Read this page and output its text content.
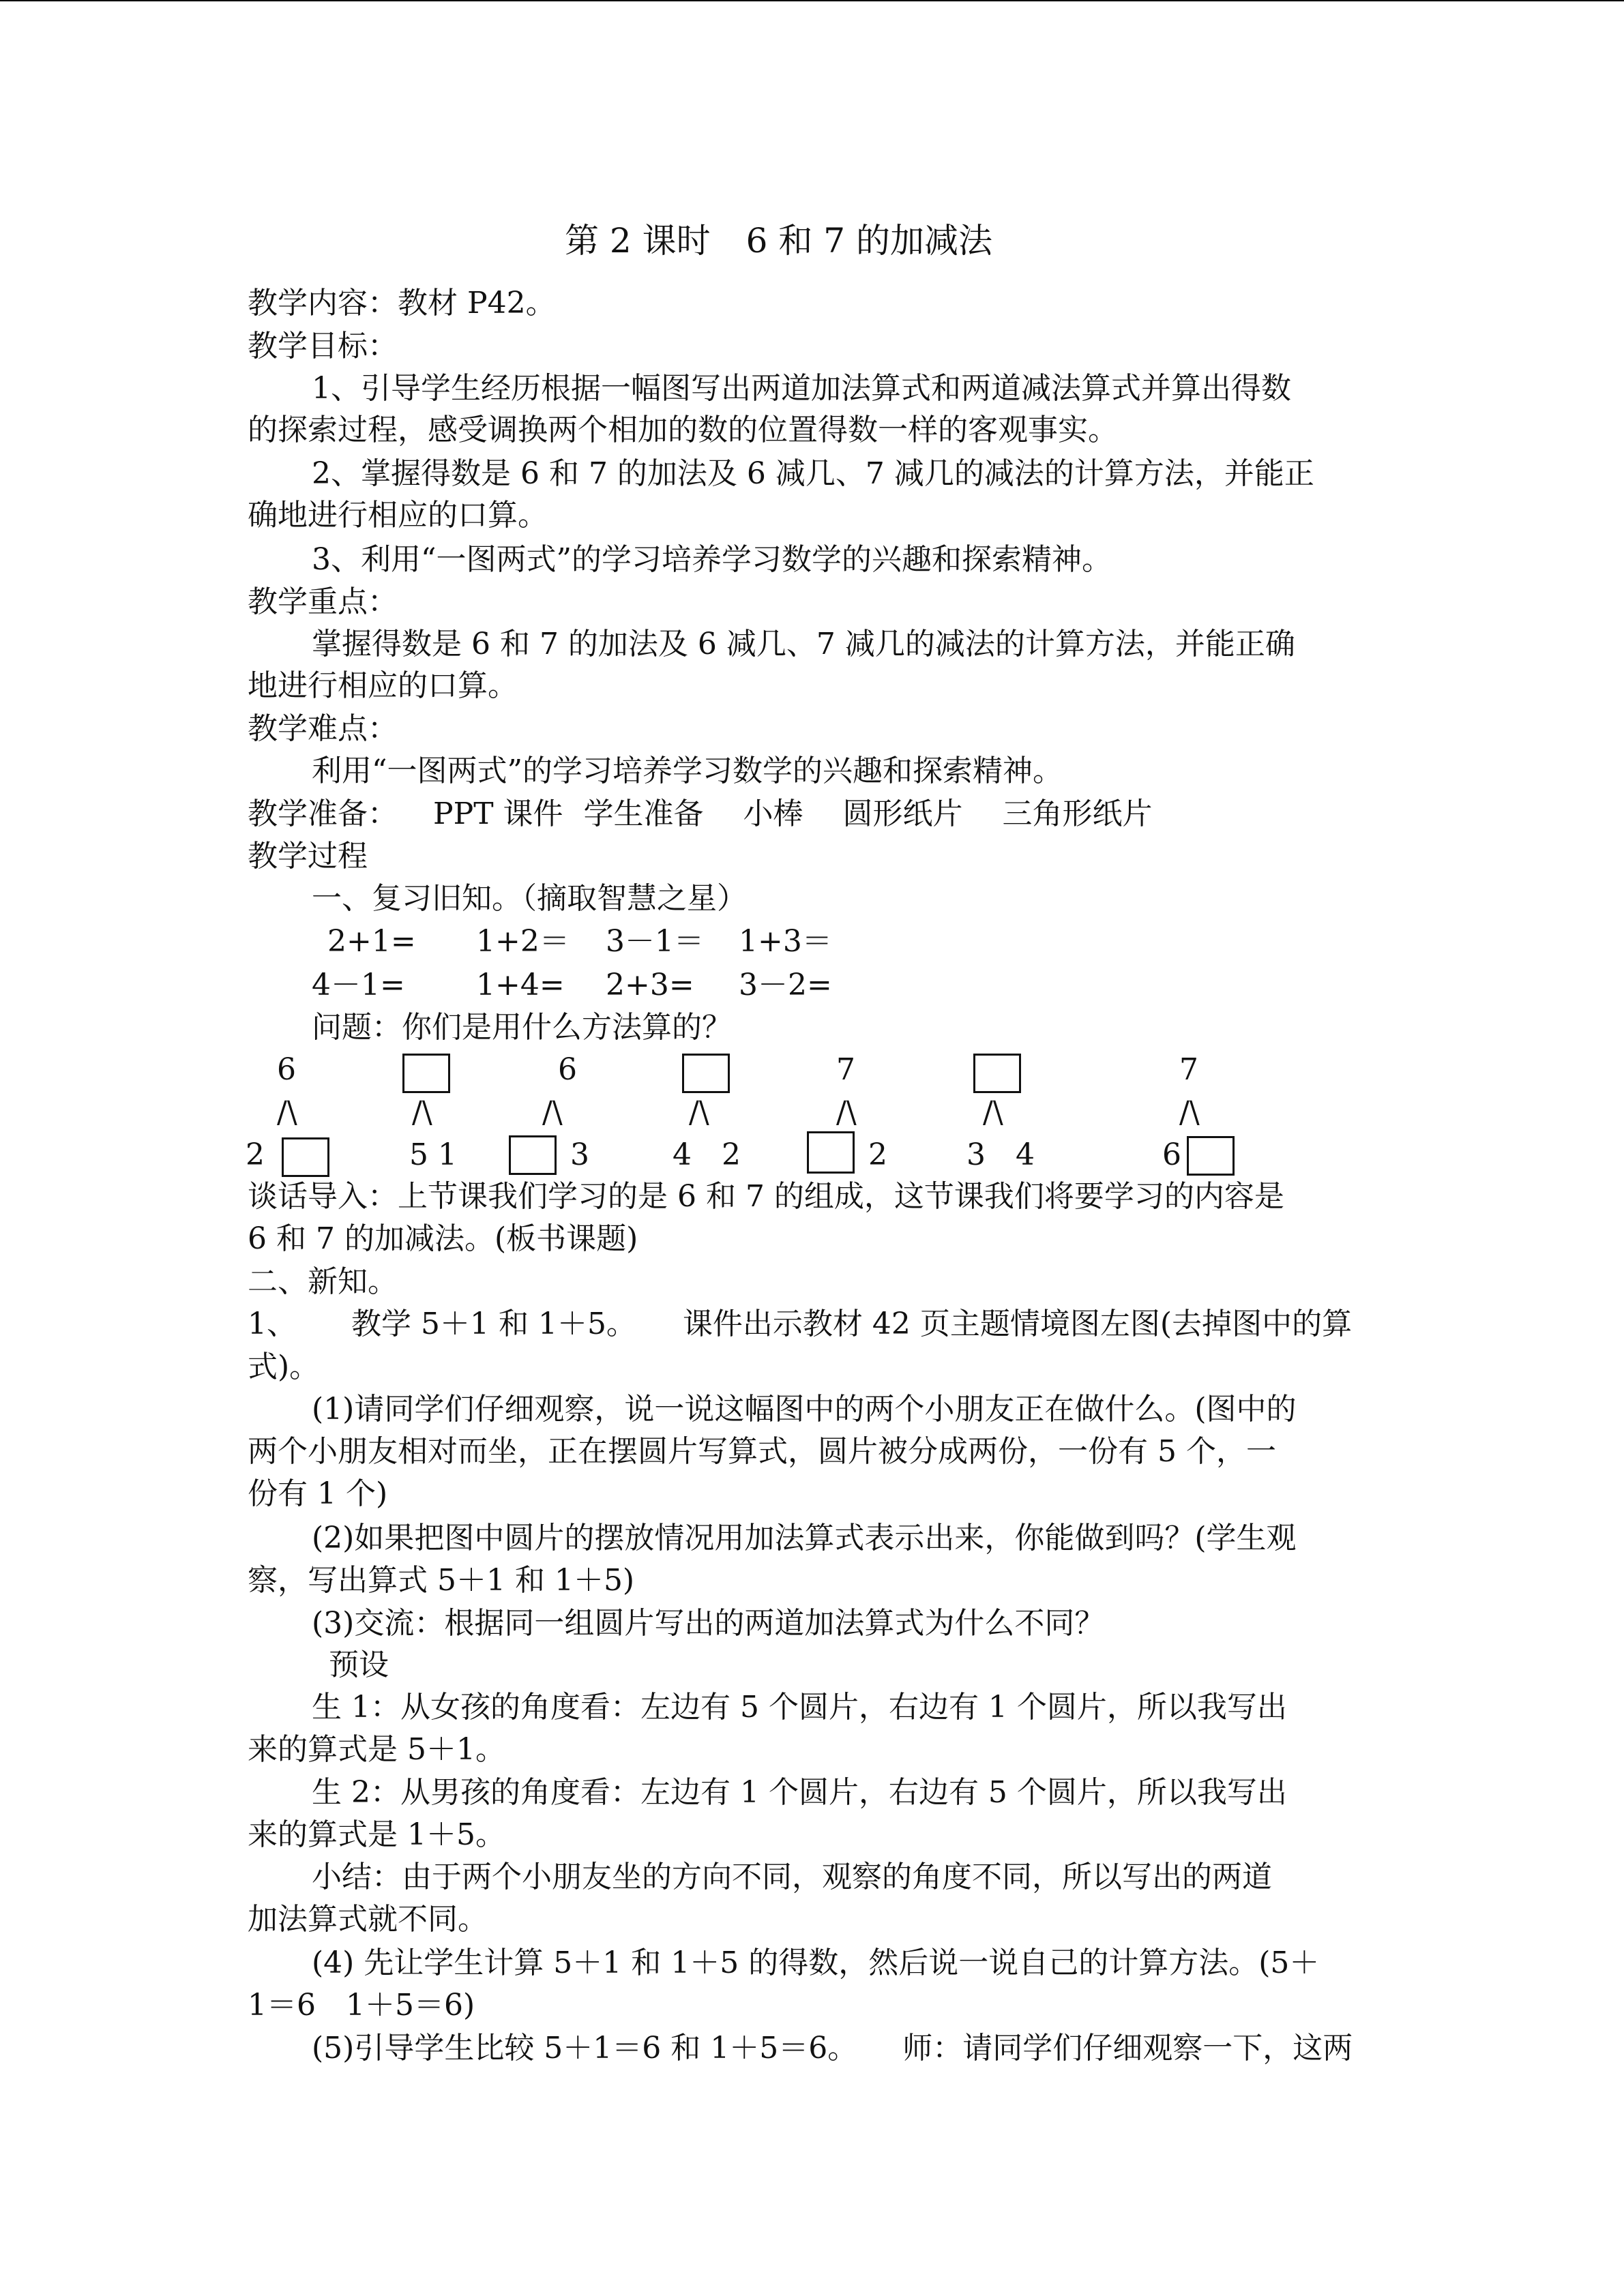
第 2 课时 6 和 7 的加减法
教学内容：教材 P42。
教学目标：
1、引导学生经历根据一幅图写出两道加法算式和两道减法算式并算出得数
的探索过程，感受调换两个相加的数的位置得数一样的客观事实。
2、掌握得数是 6 和 7 的加法及 6 减几、7 减几的减法的计算方法，并能正
确地进行相应的口算。
3、利用“一图两式”的学习培养学习数学的兴趣和探索精神。
教学重点：
掌握得数是 6 和 7 的加法及 6 减几、7 减几的减法的计算方法，并能正确
地进行相应的口算。
教学难点：
利用“一图两式”的学习培养学习数学的兴趣和探索精神。
教学准备： PPT 课件 学生准备 小棒 圆形纸片 三角形纸片
教学过程
一、复习旧知。（摘取智慧之星）
2+1= 1+2＝ 3－1＝ 1+3＝
4－1= 1+4= 2+3= 3－2=
问题：你们是用什么方法算的？
6	6	7	7
/\	/\	/\	/\	/\	/\	/\
2	5 1	3	4　2	2	3　4	6
谈话导入：上节课我们学习的是 6 和 7 的组成，这节课我们将要学习的内容是
6 和 7 的加减法。(板书课题)
二、新知。
1、 教学 5＋1 和 1＋5。 课件出示教材 42 页主题情境图左图(去掉图中的算
式)。
(1)请同学们仔细观察，说一说这幅图中的两个小朋友正在做什么。(图中的
两个小朋友相对而坐，正在摆圆片写算式，圆片被分成两份，一份有 5 个，一
份有 1 个)
(2)如果把图中圆片的摆放情况用加法算式表示出来，你能做到吗？(学生观
察，写出算式 5＋1 和 1＋5)
(3)交流：根据同一组圆片写出的两道加法算式为什么不同？
预设
生 1：从女孩的角度看：左边有 5 个圆片，右边有 1 个圆片，所以我写出
来的算式是 5＋1。
生 2：从男孩的角度看：左边有 1 个圆片，右边有 5 个圆片，所以我写出
来的算式是 1＋5。
小结：由于两个小朋友坐的方向不同，观察的角度不同，所以写出的两道
加法算式就不同。
(4) 先让学生计算 5＋1 和 1＋5 的得数，然后说一说自己的计算方法。(5＋
1＝6　1＋5＝6)
(5)引导学生比较 5＋1＝6 和 1＋5＝6。 师：请同学们仔细观察一下，这两
